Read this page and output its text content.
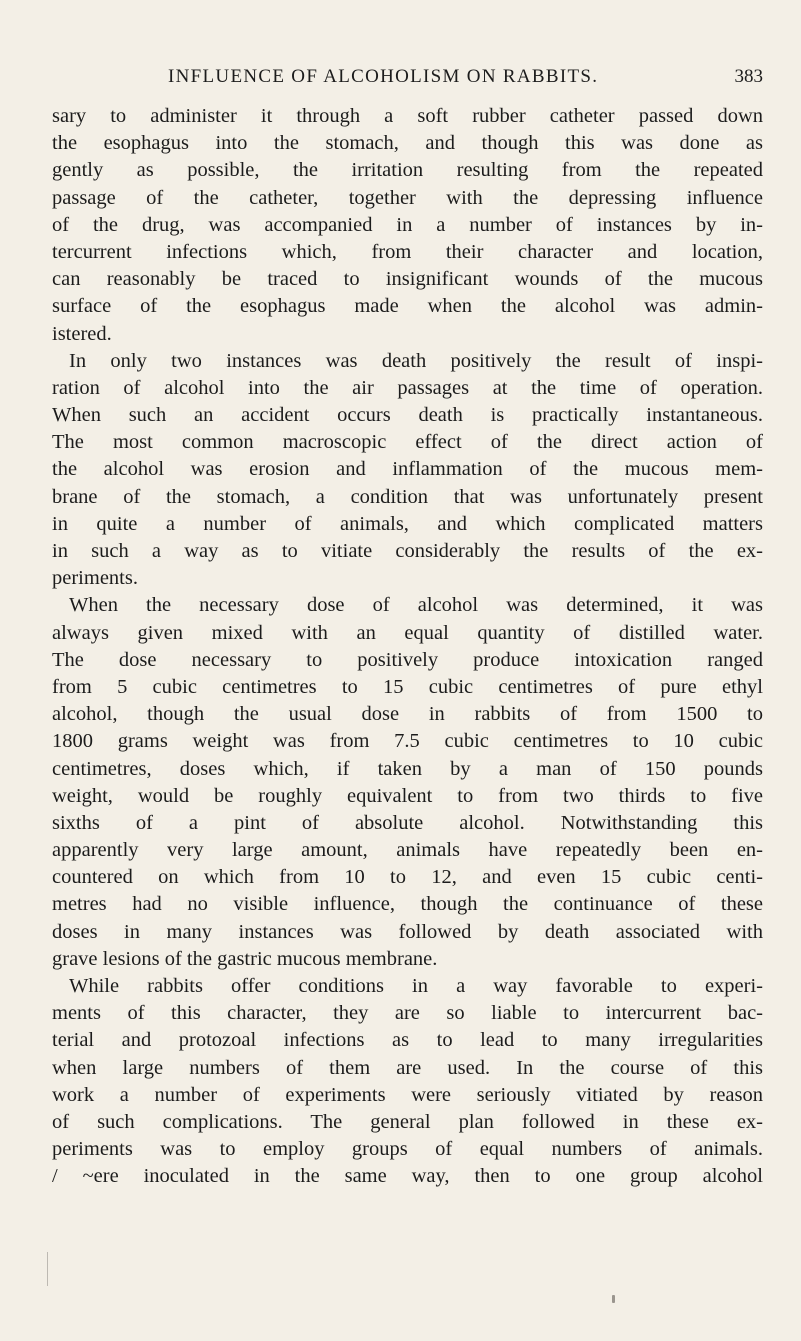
INFLUENCE OF ALCOHOLISM ON RABBITS.	383
sary to administer it through a soft rubber catheter passed down
the esophagus into the stomach, and though this was done as
gently as possible, the irritation resulting from the repeated
passage of the catheter, together with the depressing influence
of the drug, was accompanied in a number of instances by in-
tercurrent infections which, from their character and location,
can reasonably be traced to insignificant wounds of the mucous
surface of the esophagus made when the alcohol was admin-
istered.
In only two instances was death positively the result of inspi-
ration of alcohol into the air passages at the time of operation.
When such an accident occurs death is practically instantaneous.
The most common macroscopic effect of the direct action of
the alcohol was erosion and inflammation of the mucous mem-
brane of the stomach, a condition that was unfortunately present
in quite a number of animals, and which complicated matters
in such a way as to vitiate considerably the results of the ex-
periments.
When the necessary dose of alcohol was determined, it was
always given mixed with an equal quantity of distilled water.
The dose necessary to positively produce intoxication ranged
from 5 cubic centimetres to 15 cubic centimetres of pure ethyl
alcohol, though the usual dose in rabbits of from 1500 to
1800 grams weight was from 7.5 cubic centimetres to 10 cubic
centimetres, doses which, if taken by a man of 150 pounds
weight, would be roughly equivalent to from two thirds to five
sixths of a pint of absolute alcohol. Notwithstanding this
apparently very large amount, animals have repeatedly been en-
countered on which from 10 to 12, and even 15 cubic centi-
metres had no visible influence, though the continuance of these
doses in many instances was followed by death associated with
grave lesions of the gastric mucous membrane.
While rabbits offer conditions in a way favorable to experi-
ments of this character, they are so liable to intercurrent bac-
terial and protozoal infections as to lead to many irregularities
when large numbers of them are used. In the course of this
work a number of experiments were seriously vitiated by reason
of such complications. The general plan followed in these ex-
periments was to employ groups of equal numbers of animals.
/ ~ere inoculated in the same way, then to one group alcohol
